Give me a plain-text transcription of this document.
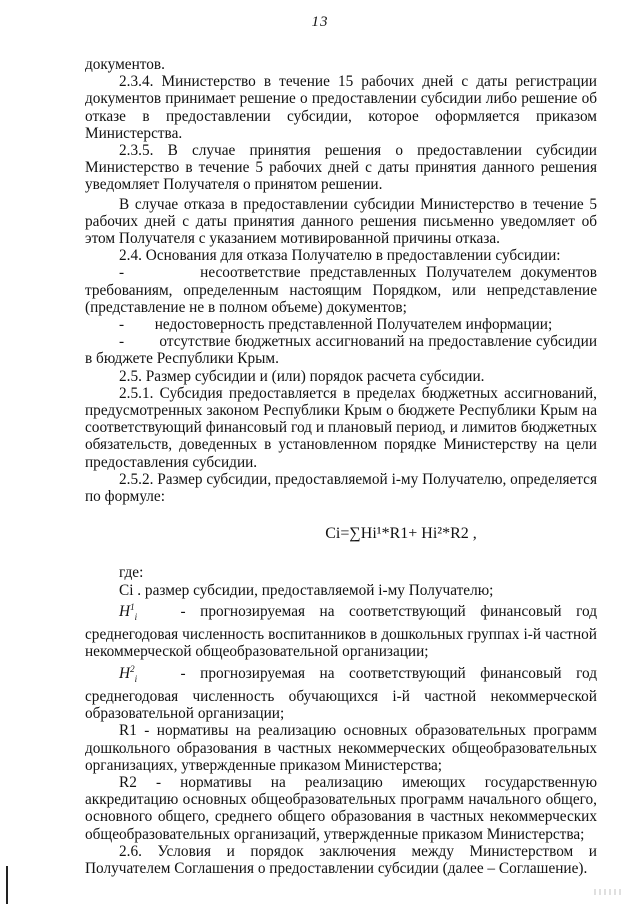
13

документов.

2.3.4. Министерство в течение 15 рабочих дней с даты регистрации документов принимает решение о предоставлении субсидии либо решение об отказе в предоставлении субсидии, которое оформляется приказом Министерства.

2.3.5. В случае принятия решения о предоставлении субсидии Министерство в течение 5 рабочих дней с даты принятия данного решения уведомляет Получателя о принятом решении.

В случае отказа в предоставлении субсидии Министерство в течение 5 рабочих дней с даты принятия данного решения письменно уведомляет об этом Получателя с указанием мотивированной причины отказа.

2.4. Основания для отказа Получателю в предоставлении субсидии:

-	несоответствие представленных Получателем документов требованиям, определенным настоящим Порядком, или непредставление (представление не в полном объеме) документов;

- недостоверность представленной Получателем информации;

- отсутствие бюджетных ассигнований на предоставление субсидии в бюджете Республики Крым.

2.5. Размер субсидии и (или) порядок расчета субсидии.

2.5.1. Субсидия предоставляется в пределах бюджетных ассигнований, предусмотренных законом Республики Крым о бюджете Республики Крым на соответствующий финансовый год и плановый период, и лимитов бюджетных обязательств, доведенных в установленном порядке Министерству на цели предоставления субсидии.

2.5.2. Размер субсидии, предоставляемой i-му Получателю, определяется по формуле:

Ci=∑Hi¹*R1+ Hi²*R2 ,

где:

Ci . размер субсидии, предоставляемой i-му Получателю;

$H^1_i$	- прогнозируемая на соответствующий финансовый год среднегодовая численность воспитанников в дошкольных группах i-й частной некоммерческой общеобразовательной организации;

$H^2_i$	- прогнозируемая на соответствующий финансовый год среднегодовая численность обучающихся i-й частной некоммерческой образовательной организации;

R1 - нормативы на реализацию основных образовательных программ дошкольного образования в частных некоммерческих общеобразовательных организациях, утвержденные приказом Министерства;

R2 - нормативы на реализацию имеющих государственную аккредитацию основных общеобразовательных программ начального общего, основного общего, среднего общего образования в частных некоммерческих общеобразовательных организаций, утвержденные приказом Министерства;

2.6. Условия и порядок заключения между Министерством и Получателем Соглашения о предоставлении субсидии (далее – Соглашение).
